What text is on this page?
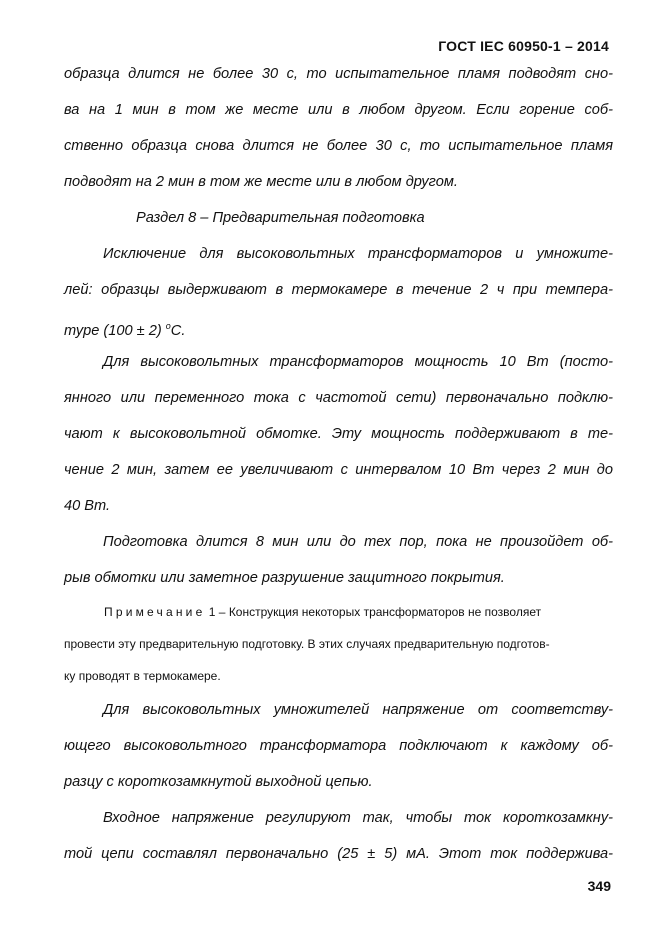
ГОСТ IEC 60950-1 – 2014
образца длится не более 30 с, то испытательное пламя подводят сно-
ва на 1 мин в том же месте или в любом другом. Если горение соб-
ственно образца снова длится не более 30 с, то испытательное пламя
подводят на 2 мин в том же месте или в любом другом.
Раздел 8 – Предварительная подготовка
Исключение для высоковольтных трансформаторов и умножите-
лей: образцы выдерживают в термокамере в течение 2 ч при темпера-
туре (100 ± 2) $^о$С.
Для высоковольтных трансформаторов мощность 10 Вт (посто-
янного или переменного тока с частотой сети) первоначально подклю-
чают к высоковольтной обмотке. Эту мощность поддерживают в те-
чение 2 мин, затем ее увеличивают с интервалом 10 Вт через 2 мин до
40 Вт.
Подготовка длится 8 мин или до тех пор, пока не произойдет об-
рыв обмотки или заметное разрушение защитного покрытия.
Примечание 1 – Конструкция некоторых трансформаторов не позволяет
провести эту предварительную подготовку. В этих случаях предварительную подготов-
ку проводят в термокамере.
Для высоковольтных умножителей напряжение от соответству-
ющего высоковольтного трансформатора подключают к каждому об-
разцу с короткозамкнутой выходной цепью.
Входное напряжение регулируют так, чтобы ток короткозамкну-
той цепи составлял первоначально (25 ± 5) мА. Этот ток поддержива-
349
